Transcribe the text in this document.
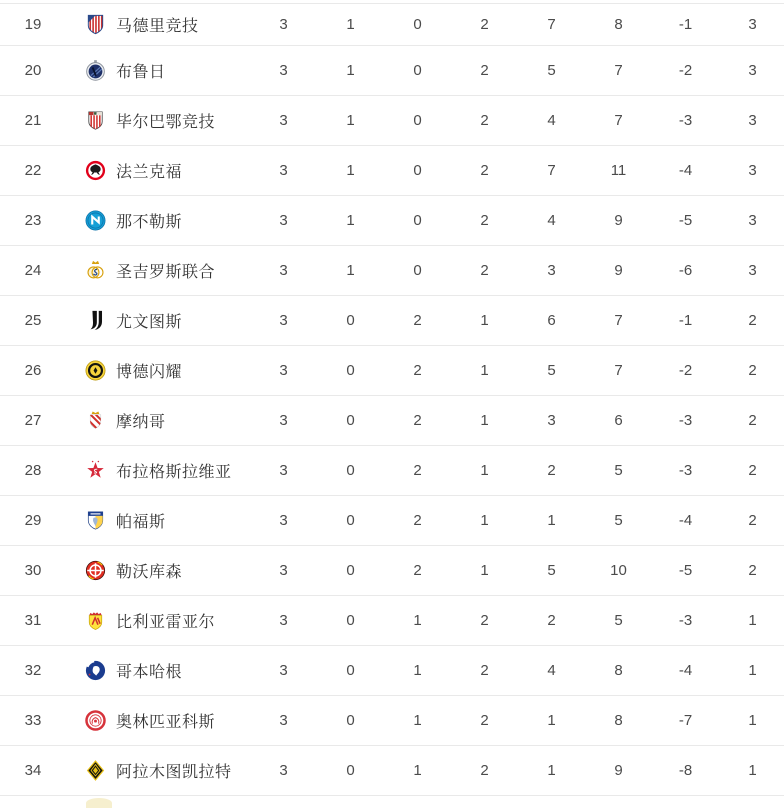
19	马德里竞技	3	1	0	2	7	8	-1	3
20	布鲁日	3	1	0	2	5	7	-2	3
21	毕尔巴鄂竞技	3	1	0	2	4	7	-3	3
22	法兰克福	3	1	0	2	7	11	-4	3
23	那不勒斯	3	1	0	2	4	9	-5	3
24	圣吉罗斯联合	3	1	0	2	3	9	-6	3
25	尤文图斯	3	0	2	1	6	7	-1	2
26	博德闪耀	3	0	2	1	5	7	-2	2
27	摩纳哥	3	0	2	1	3	6	-3	2
28	布拉格斯拉维亚	3	0	2	1	2	5	-3	2
29	帕福斯	3	0	2	1	1	5	-4	2
30	勒沃库森	3	0	2	1	5	10	-5	2
31	比利亚雷亚尔	3	0	1	2	2	5	-3	1
32	哥本哈根	3	0	1	2	4	8	-4	1
33	奥林匹亚科斯	3	0	1	2	1	8	-7	1
34	阿拉木图凯拉特	3	0	1	2	1	9	-8	1
